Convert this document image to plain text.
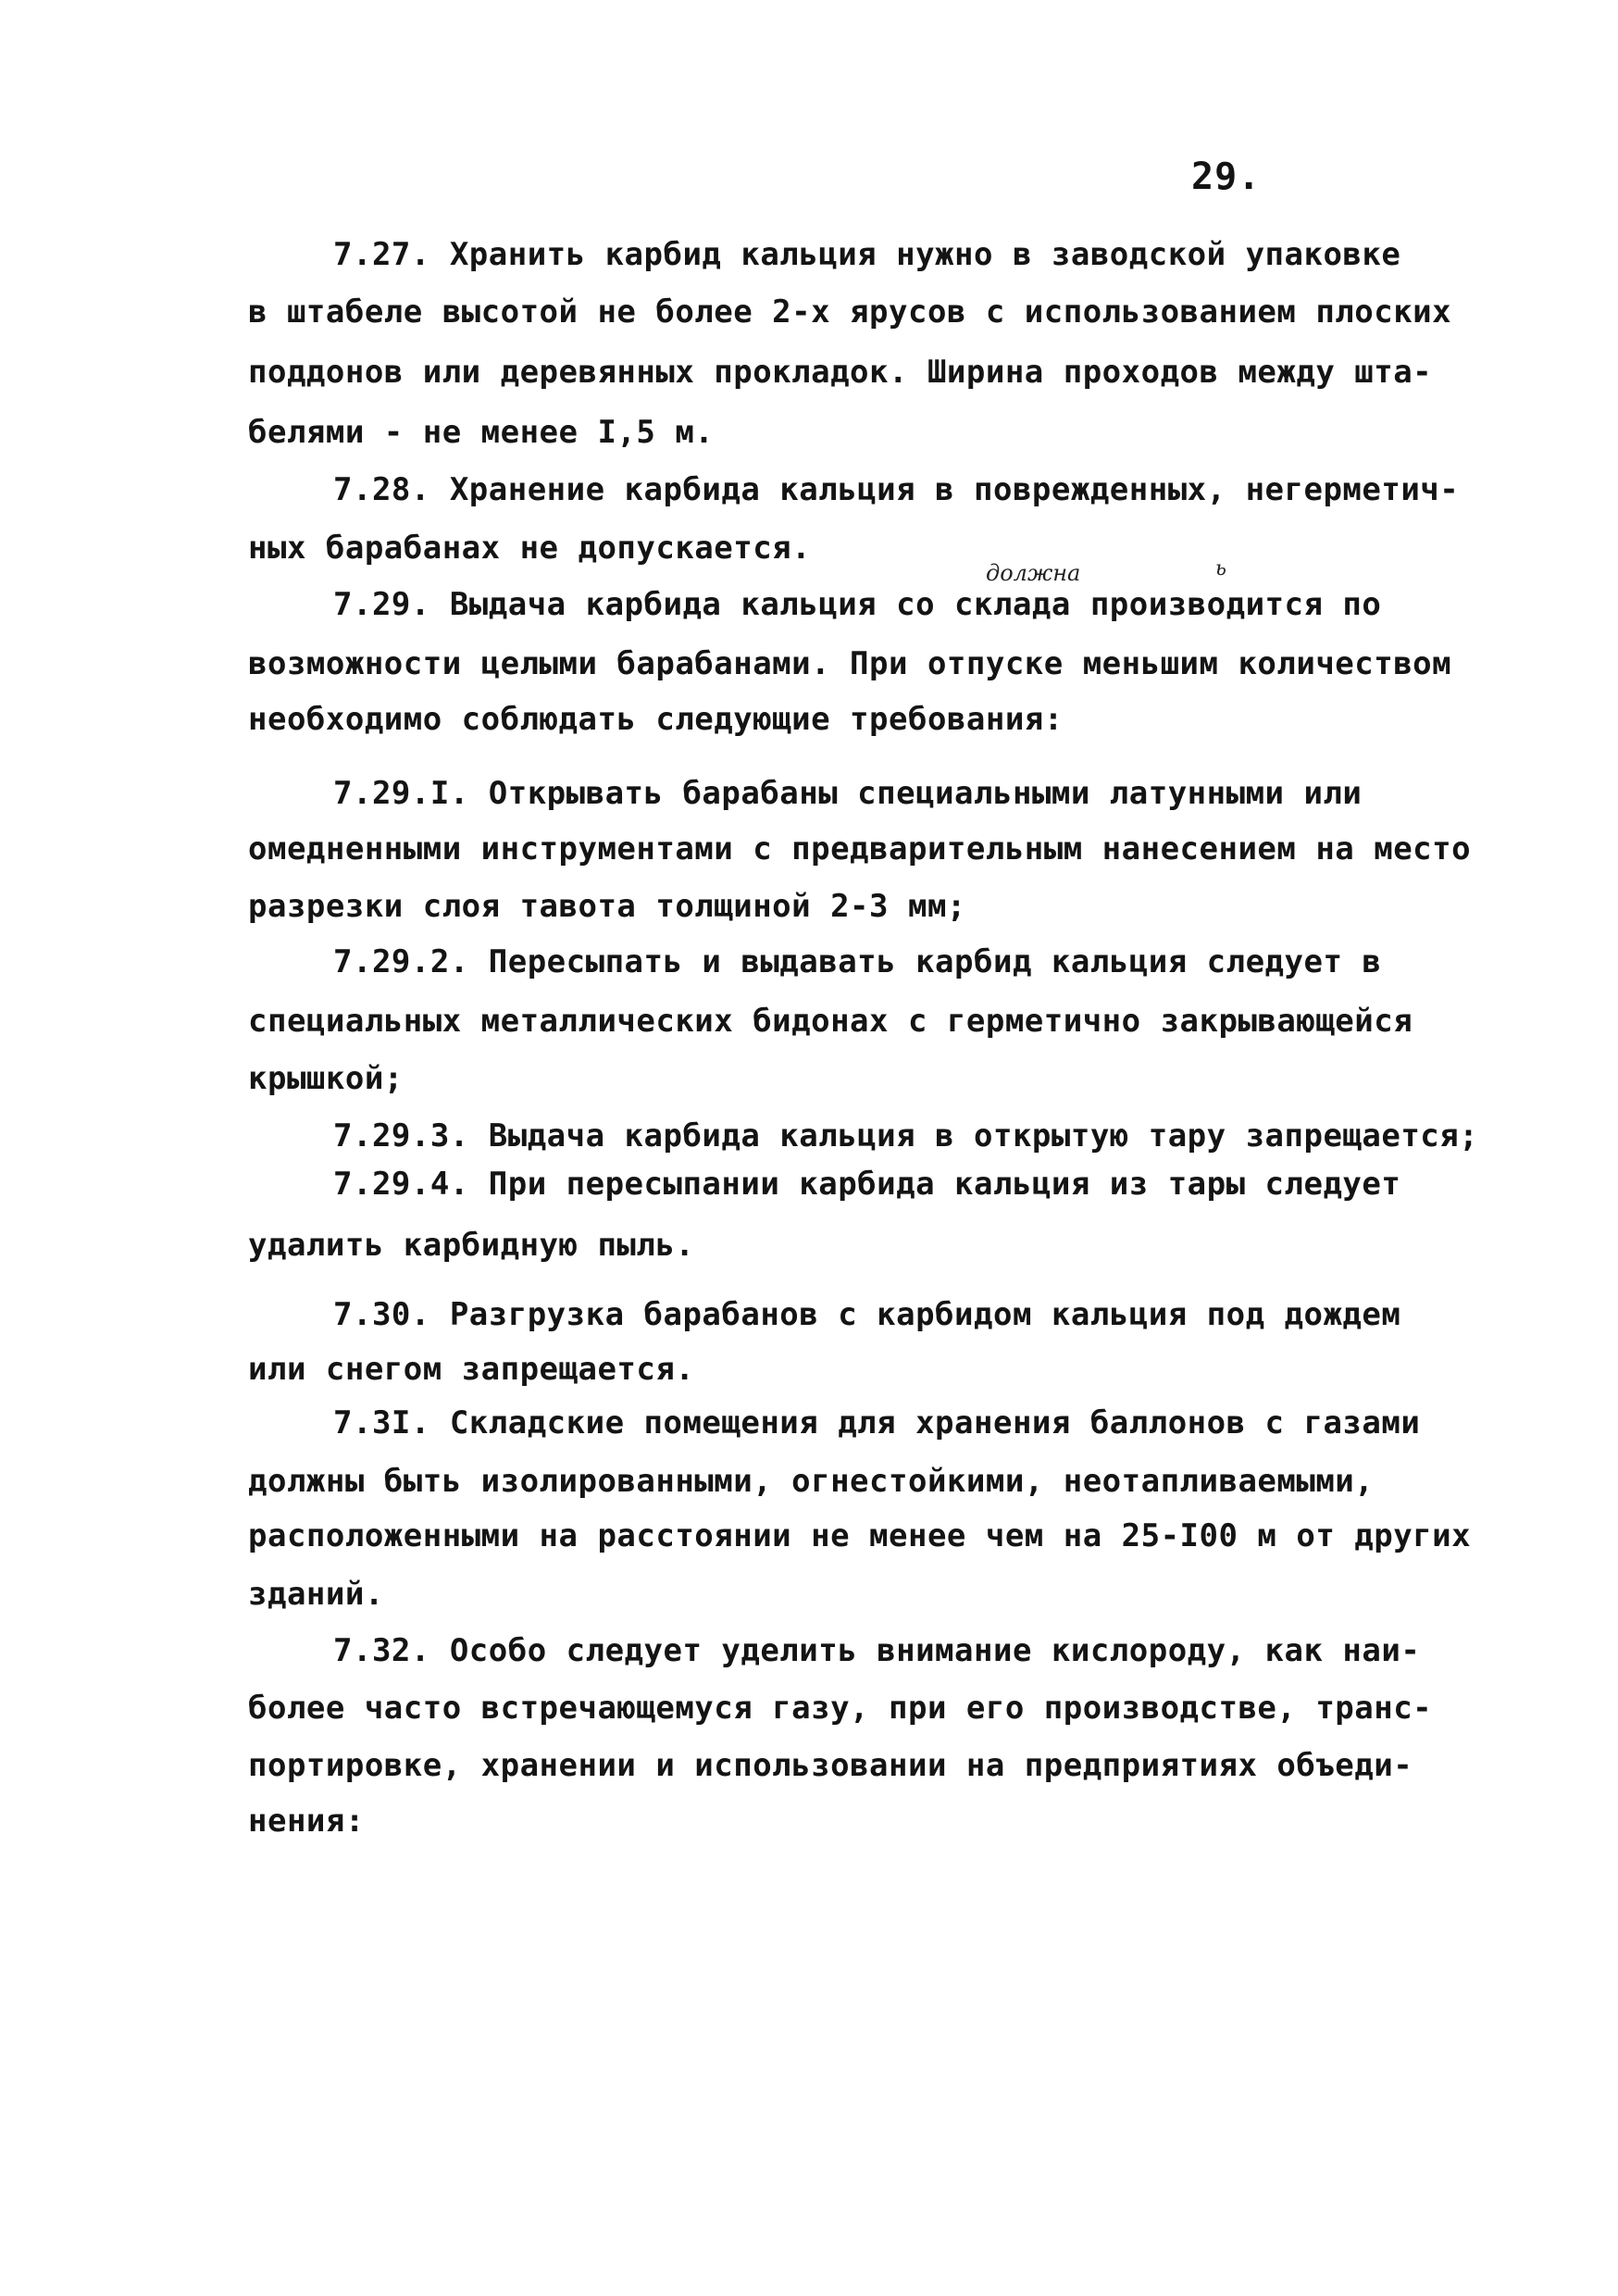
29.
должна	ь
7.27. Хранить карбид кальция нужно в заводской упаковке
в штабеле высотой не более 2-х ярусов с использованием плоских
поддонов или деревянных прокладок. Ширина проходов между шта-
белями - не менее I,5 м.
7.28. Хранение карбида кальция в поврежденных, негерметич-
ных барабанах не допускается.
7.29. Выдача карбида кальция со склада производится по
возможности целыми барабанами. При отпуске меньшим количеством
необходимо соблюдать следующие требования:
7.29.I. Открывать барабаны специальными латунными или
омедненными инструментами с предварительным нанесением на место
разрезки слоя тавота толщиной 2-3 мм;
7.29.2. Пересыпать и выдавать карбид кальция следует в
специальных металлических бидонах с герметично закрывающейся
крышкой;
7.29.3. Выдача карбида кальция в открытую тару запрещается;
7.29.4. При пересыпании карбида кальция из тары следует
удалить карбидную пыль.
7.30. Разгрузка барабанов с карбидом кальция под дождем
или снегом запрещается.
7.3I. Складские помещения для хранения баллонов с газами
должны быть изолированными, огнестойкими, неотапливаемыми,
расположенными на расстоянии не менее чем на 25-I00 м от других
зданий.
7.32. Особо следует уделить внимание кислороду, как наи-
более часто встречающемуся газу, при его производстве, транс-
портировке, хранении и использовании на предприятиях объеди-
нения:
